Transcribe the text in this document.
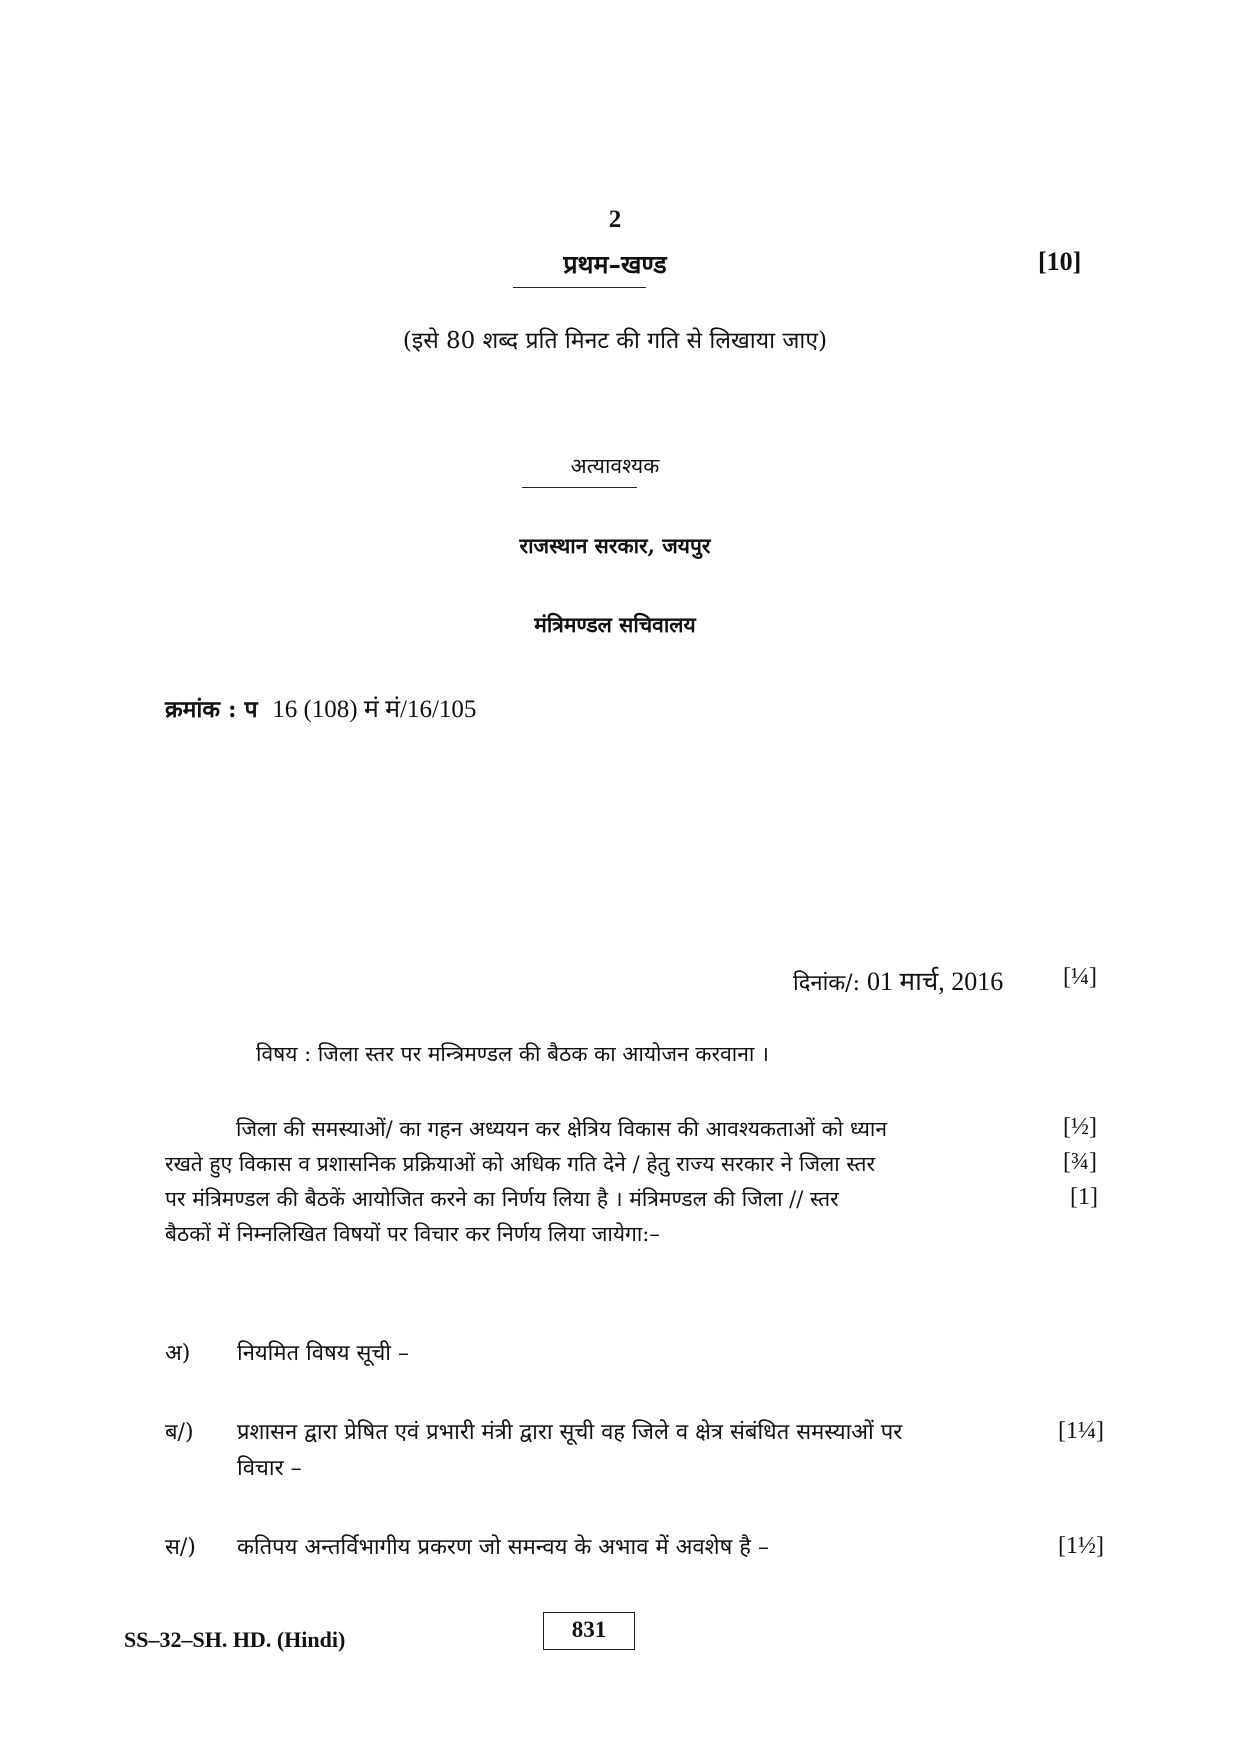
2
प्रथम–खण्ड	[10]
(इसे 80 शब्द प्रति मिनट की गति से लिखाया जाए)
अत्यावश्यक
राजस्थान सरकार, जयपुर
मंत्रिमण्डल सचिवालय
क्रमांक : प 16 (108) मं मं/16/105
दिनांक/: 01 मार्च, 2016 [¼]
विषय : जिला स्तर पर मन्त्रिमण्डल की बैठक का आयोजन करवाना ।
जिला की समस्याओं/ का गहन अध्ययन कर क्षेत्रिय विकास की आवश्यकताओं को ध्यान	[½]
रखते हुए विकास व प्रशासनिक प्रक्रियाओं को अधिक गति देने / हेतु राज्य सरकार ने जिला स्तर	[¾]
पर मंत्रिमण्डल की बैठकें आयोजित करने का निर्णय लिया है । मंत्रिमण्डल की जिला // स्तर	[1]
बैठकों में निम्नलिखित विषयों पर विचार कर निर्णय लिया जायेगा:–
अ) नियमित विषय सूची –
ब/) प्रशासन द्वारा प्रेषित एवं प्रभारी मंत्री द्वारा सूची वह जिले व क्षेत्र संबंधित समस्याओं पर
विचार –
[1¼]
स/) कतिपय अन्तर्विभागीय प्रकरण जो समन्वय के अभाव में अवशेष है –	[1½]
SS–32–SH. HD. (Hindi)	831
